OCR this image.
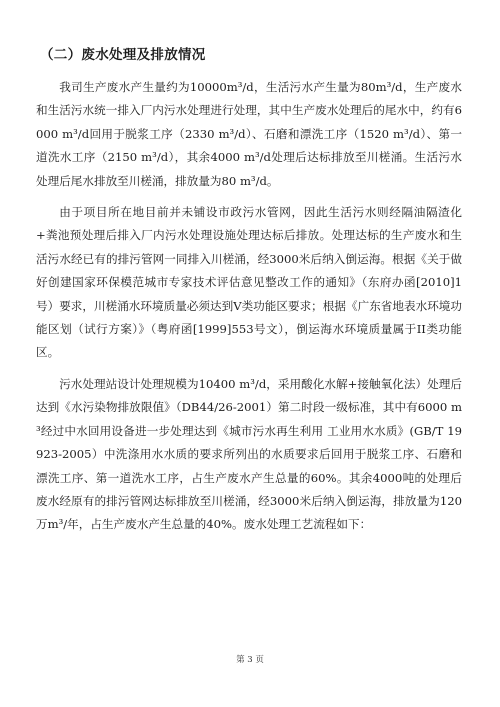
（二）废水处理及排放情况

我司生产废水产生量约为10000m³/d，生活污水产生量为80m³/d，生产废水和生活污水统一排入厂内污水处理进行处理，其中生产废水处理后的尾水中，约有6000 m³/d回用于脱浆工序（2330 m³/d）、石磨和漂洗工序（1520 m³/d）、第一道洗水工序（2150 m³/d），其余4000 m³/d处理后达标排放至川槎涌。生活污水处理后尾水排放至川槎涌，排放量为80 m³/d。

由于项目所在地目前并未铺设市政污水管网，因此生活污水则经隔油隔渣化+粪池预处理后排入厂内污水处理设施处理达标后排放。处理达标的生产废水和生活污水经已有的排污管网一同排入川槎涌，经3000米后纳入倒运海。根据《关于做好创建国家环保模范城市专家技术评估意见整改工作的通知》（东府办函[2010]1号）要求，川槎涌水环境质量必须达到V类功能区要求；根据《广东省地表水环境功能区划（试行方案）》（粤府函[1999]553号文），倒运海水环境质量属于II类功能区。

污水处理站设计处理规模为10400 m³/d，采用酸化水解+接触氧化法）处理后达到《水污染物排放限值》（DB44/26-2001）第二时段一级标准，其中有6000 m³经过中水回用设备进一步处理达到《城市污水再生利用 工业用水水质》(GB/T 19923-2005）中洗涤用水水质的要求所列出的水质要求后回用于脱浆工序、石磨和漂洗工序、第一道洗水工序，占生产废水产生总量的60%。其余4000吨的处理后废水经原有的排污管网达标排放至川槎涌，经3000米后纳入倒运海，排放量为120万m³/年，占生产废水产生总量的40%。废水处理工艺流程如下：

第 3 页
